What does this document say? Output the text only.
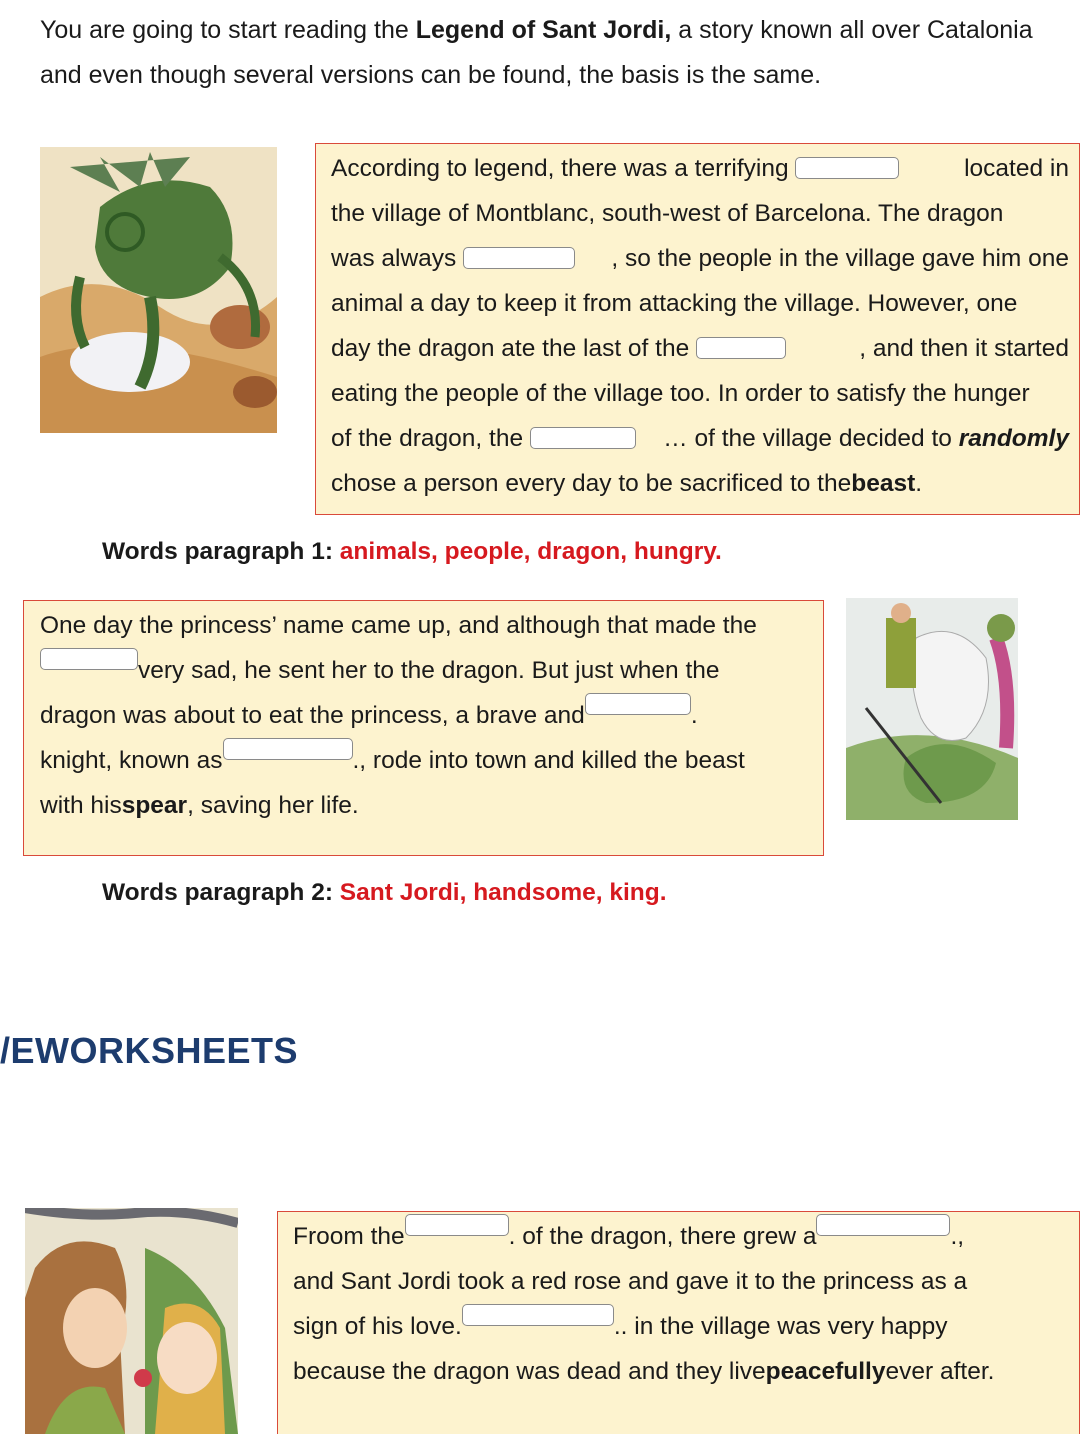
You are going to start reading the Legend of Sant Jordi, a story known all over Catalonia
and even though several versions can be found, the basis is the same.
According to legend, there was a terrifying	located in
the village of Montblanc, south-west of Barcelona. The dragon
was always	, so the people in the village gave him one
animal a day to keep it from attacking the village. However, one
day the dragon ate the last of the	, and then it started
eating the people of the village too. In order to satisfy the hunger
of the dragon, the	… of the village decided to randomly
chose a person every day to be sacrificed to the beast .
Words paragraph 1: animals, people, dragon, hungry.
One day the princess’ name came up, and although that made the
very sad, he sent her to the dragon. But just when the
dragon was about to eat the princess, a brave and	.
knight, known as	., rode into town and killed the beast
with his spear , saving her life.
Words paragraph 2: Sant Jordi, handsome, king.
/EWORKSHEETS
Froom the	. of the dragon, there grew a	.,
and Sant Jordi took a red rose and gave it to the princess as a
sign of his love.	.. in the village was very happy
because the dragon was dead and they live peacefully ever after.
